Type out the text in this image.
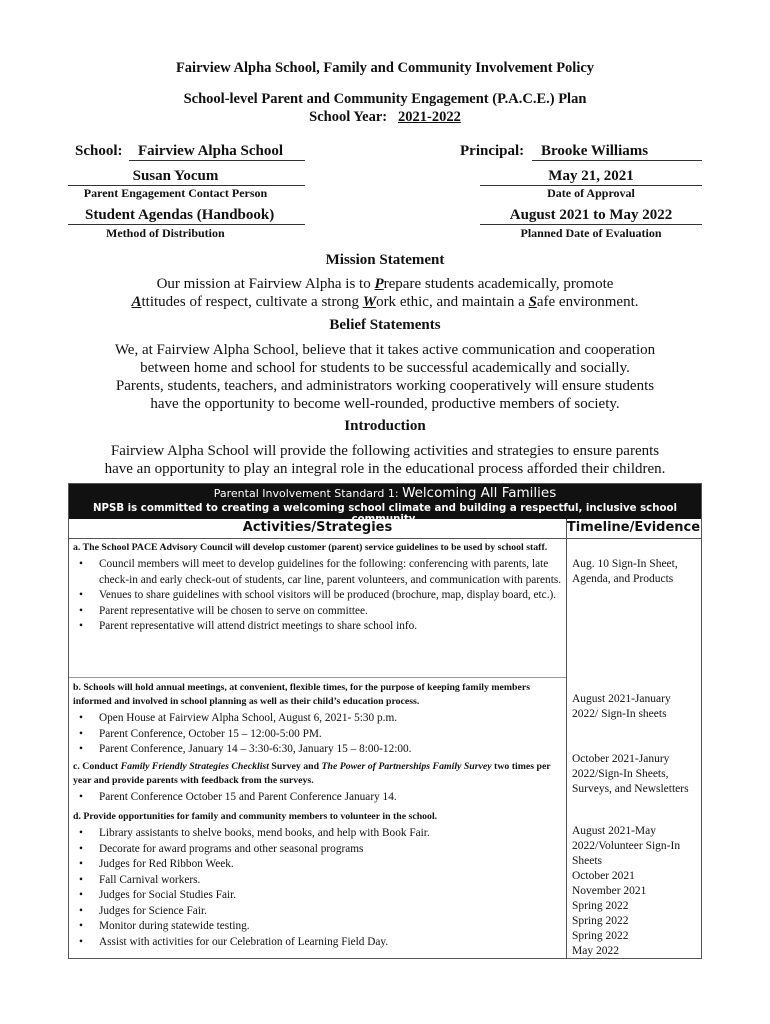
Fairview Alpha School, Family and Community Involvement Policy
School-level Parent and Community Engagement (P.A.C.E.) Plan
School Year: 2021-2022
School: Fairview Alpha School	Principal: Brooke Williams
Susan Yocum
Parent Engagement Contact Person
May 21, 2021
Date of Approval
Student Agendas (Handbook)
Method of Distribution
August 2021 to May 2022
Planned Date of Evaluation
Mission Statement
Our mission at Fairview Alpha is to Prepare students academically, promote
Attitudes of respect, cultivate a strong Work ethic, and maintain a Safe environment.
Belief Statements
We, at Fairview Alpha School, believe that it takes active communication and cooperation
between home and school for students to be successful academically and socially.
Parents, students, teachers, and administrators working cooperatively will ensure students
have the opportunity to become well-rounded, productive members of society.
Introduction
Fairview Alpha School will provide the following activities and strategies to ensure parents
have an opportunity to play an integral role in the educational process afforded their children.
Parental Involvement Standard 1: Welcoming All Families
NPSB is committed to creating a welcoming school climate and building a respectful, inclusive school community.
Activities/Strategies	Timeline/Evidence
a. The School PACE Advisory Council will develop customer (parent) service guidelines to be used by school staff.
• Council members will meet to develop guidelines for the following: conferencing with parents, late check-in and early check-out of students, car line, parent volunteers, and communication with parents.
• Venues to share guidelines with school visitors will be produced (brochure, map, display board, etc.).
• Parent representative will be chosen to serve on committee.
• Parent representative will attend district meetings to share school info.
Aug. 10 Sign-In Sheet, Agenda, and Products
b. Schools will hold annual meetings, at convenient, flexible times, for the purpose of keeping family members informed and involved in school planning as well as their child’s education process.
• Open House at Fairview Alpha School, August 6, 2021- 5:30 p.m.
• Parent Conference, October 15 – 12:00-5:00 PM.
• Parent Conference, January 14 – 3:30-6:30, January 15 – 8:00-12:00.
August 2021-January 2022/ Sign-In sheets
c. Conduct Family Friendly Strategies Checklist Survey and The Power of Partnerships Family Survey two times per year and provide parents with feedback from the surveys.
• Parent Conference October 15 and Parent Conference January 14.
October 2021-Janury 2022/Sign-In Sheets, Surveys, and Newsletters
d. Provide opportunities for family and community members to volunteer in the school.
• Library assistants to shelve books, mend books, and help with Book Fair.
• Decorate for award programs and other seasonal programs
• Judges for Red Ribbon Week.
• Fall Carnival workers.
• Judges for Social Studies Fair.
• Judges for Science Fair.
• Monitor during statewide testing.
• Assist with activities for our Celebration of Learning Field Day.
August 2021-May 2022/Volunteer Sign-In Sheets
October 2021
November 2021
Spring 2022
Spring 2022
Spring 2022
May 2022
